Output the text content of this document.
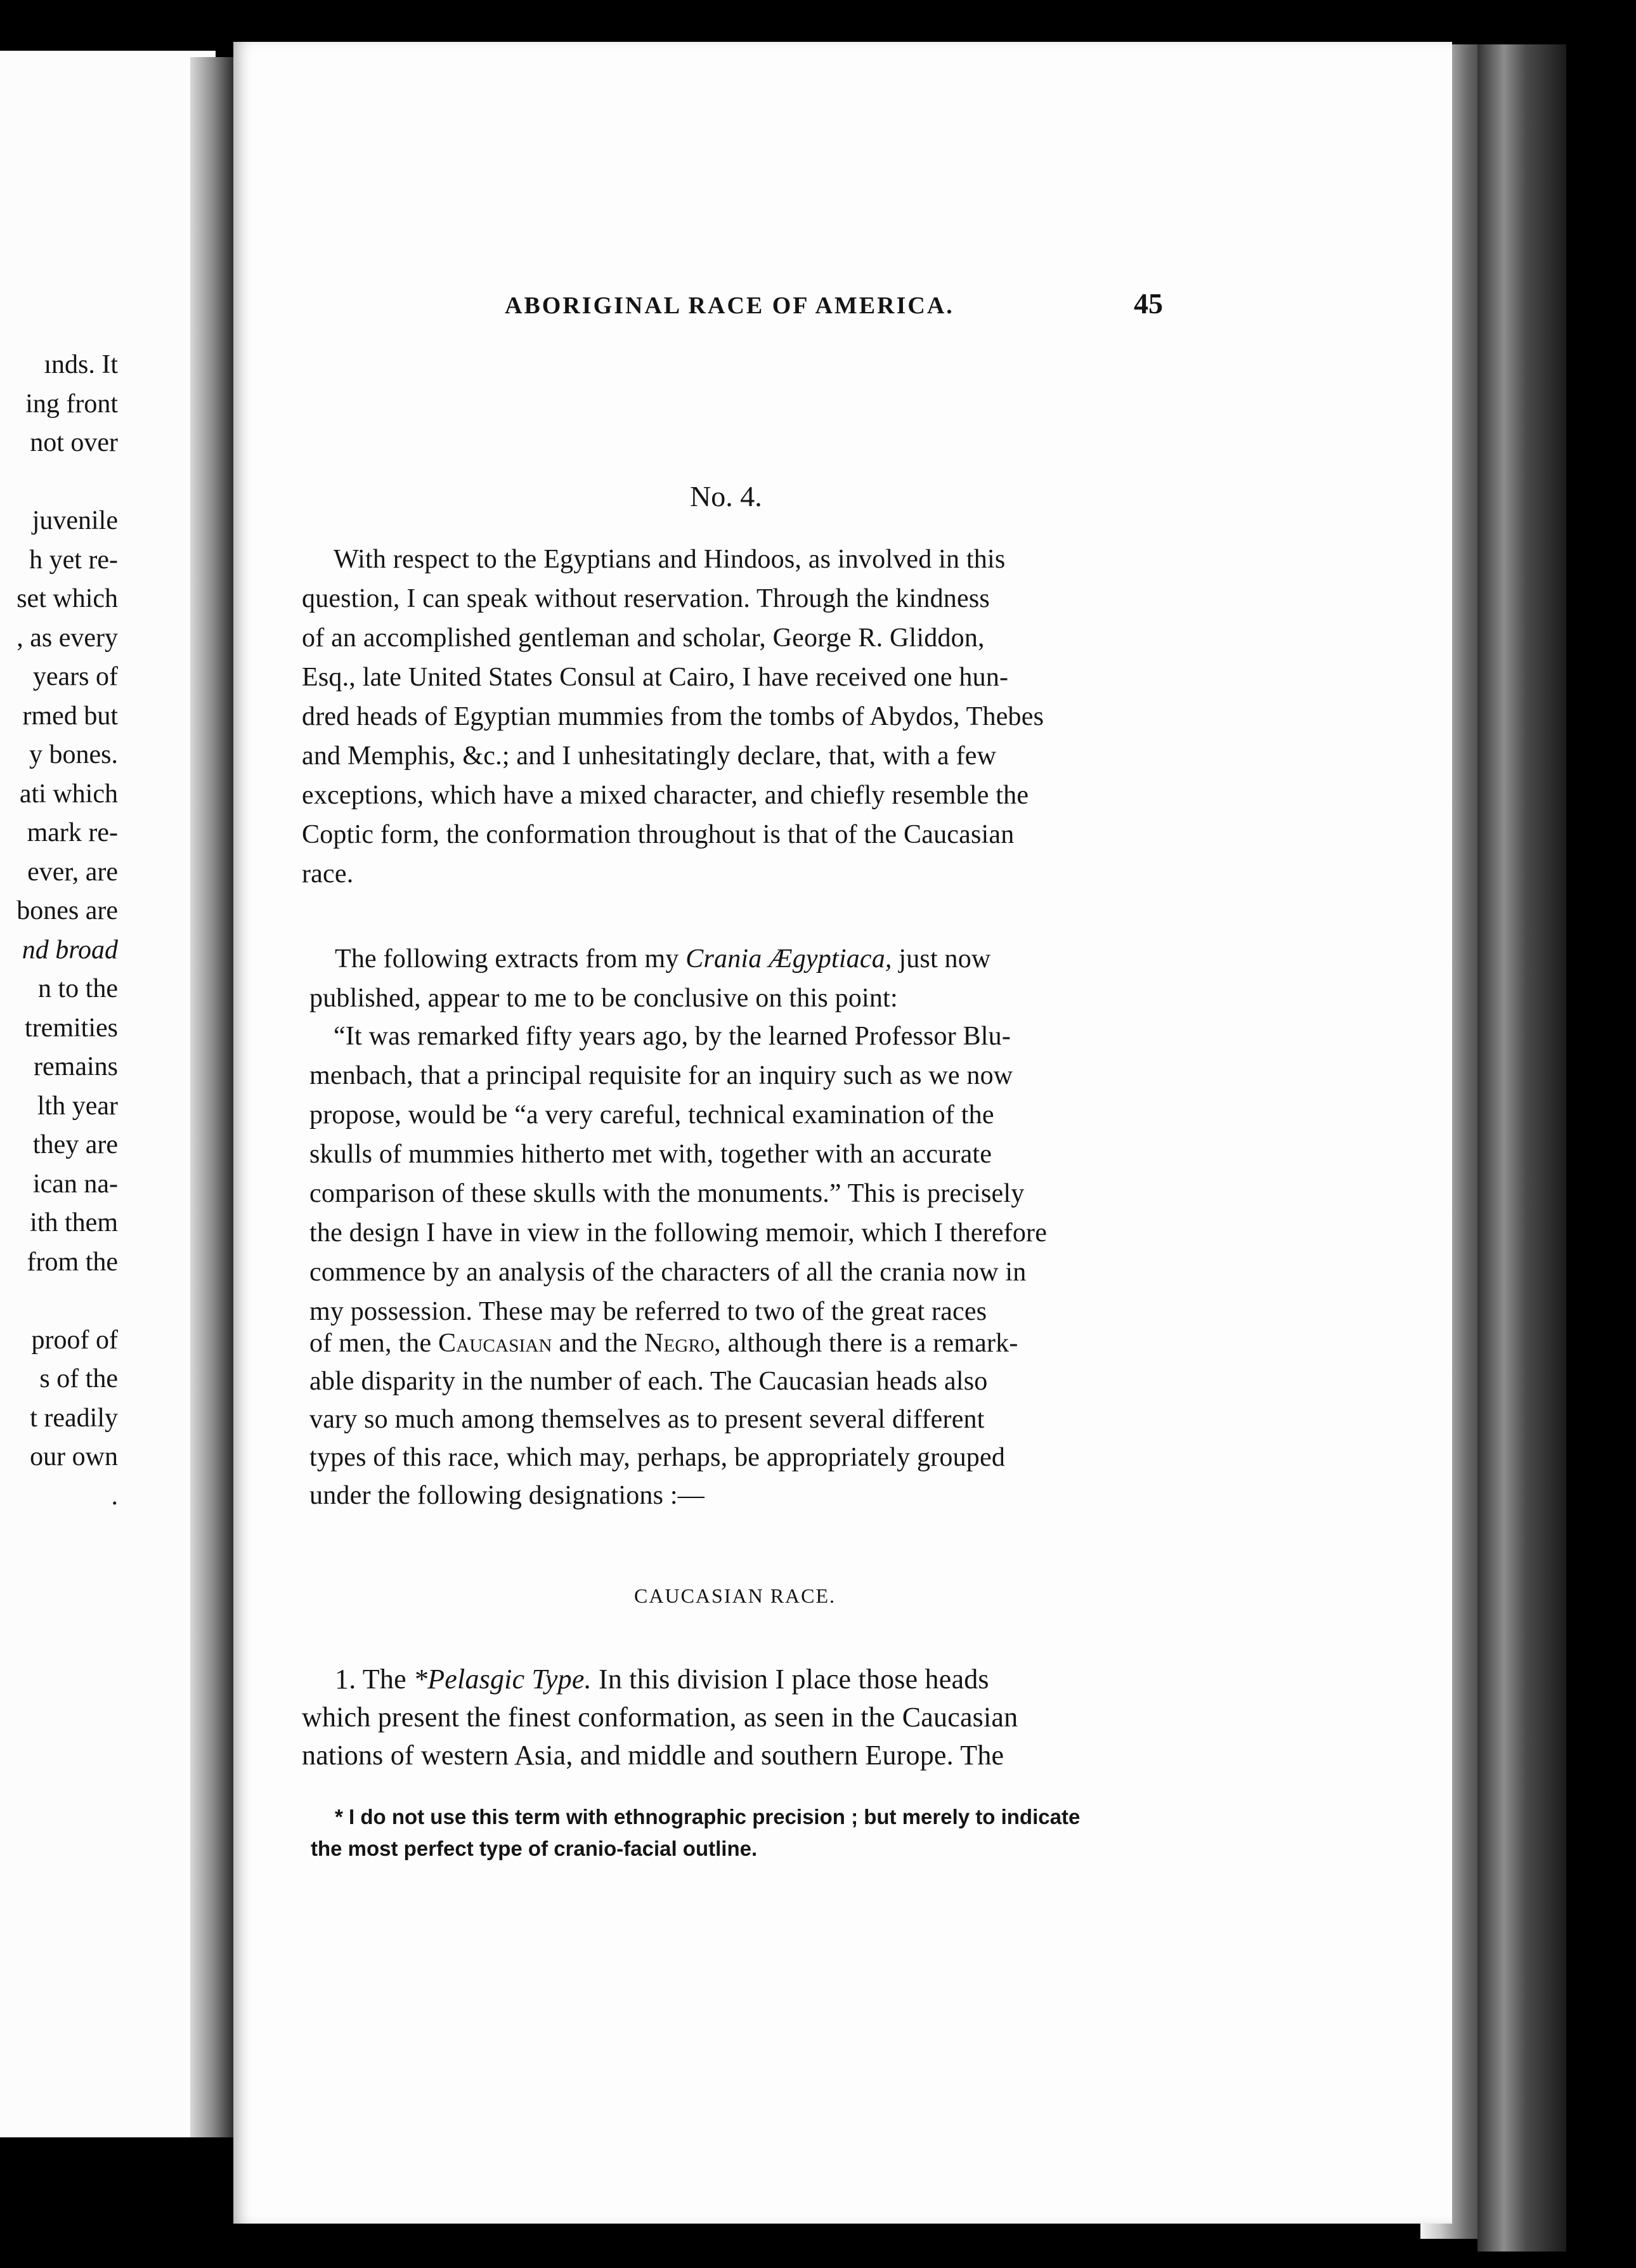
ınds. It
ing front
not over
juvenile
h yet re-
set which
, as every
years of
rmed but
y bones.
ati which
mark re-
ever, are
bones are
nd broad
n to the
tremities
remains
lth year
they are
ican na-
ith them
from the
proof of
s of the
t readily
our own
.
ABORIGINAL RACE OF AMERICA.	45
No. 4.
With respect to the Egyptians and Hindoos, as involved in this
question, I can speak without reservation. Through the kindness
of an accomplished gentleman and scholar, George R. Gliddon,
Esq., late United States Consul at Cairo, I have received one hun-
dred heads of Egyptian mummies from the tombs of Abydos, Thebes
and Memphis, &c.; and I unhesitatingly declare, that, with a few
exceptions, which have a mixed character, and chiefly resemble the
Coptic form, the conformation throughout is that of the Caucasian
race.
The following extracts from my Crania Ægyptiaca, just now
published, appear to me to be conclusive on this point:
“It was remarked fifty years ago, by the learned Professor Blu-
menbach, that a principal requisite for an inquiry such as we now
propose, would be “a very careful, technical examination of the
skulls of mummies hitherto met with, together with an accurate
comparison of these skulls with the monuments.” This is precisely
the design I have in view in the following memoir, which I therefore
commence by an analysis of the characters of all the crania now in
my possession. These may be referred to two of the great races
of men, the Caucasian and the Negro, although there is a remark-
able disparity in the number of each. The Caucasian heads also
vary so much among themselves as to present several different
types of this race, which may, perhaps, be appropriately grouped
under the following designations :—
CAUCASIAN RACE.
1. The *Pelasgic Type. In this division I place those heads
which present the finest conformation, as seen in the Caucasian
nations of western Asia, and middle and southern Europe. The
* I do not use this term with ethnographic precision ; but merely to indicate
the most perfect type of cranio-facial outline.
